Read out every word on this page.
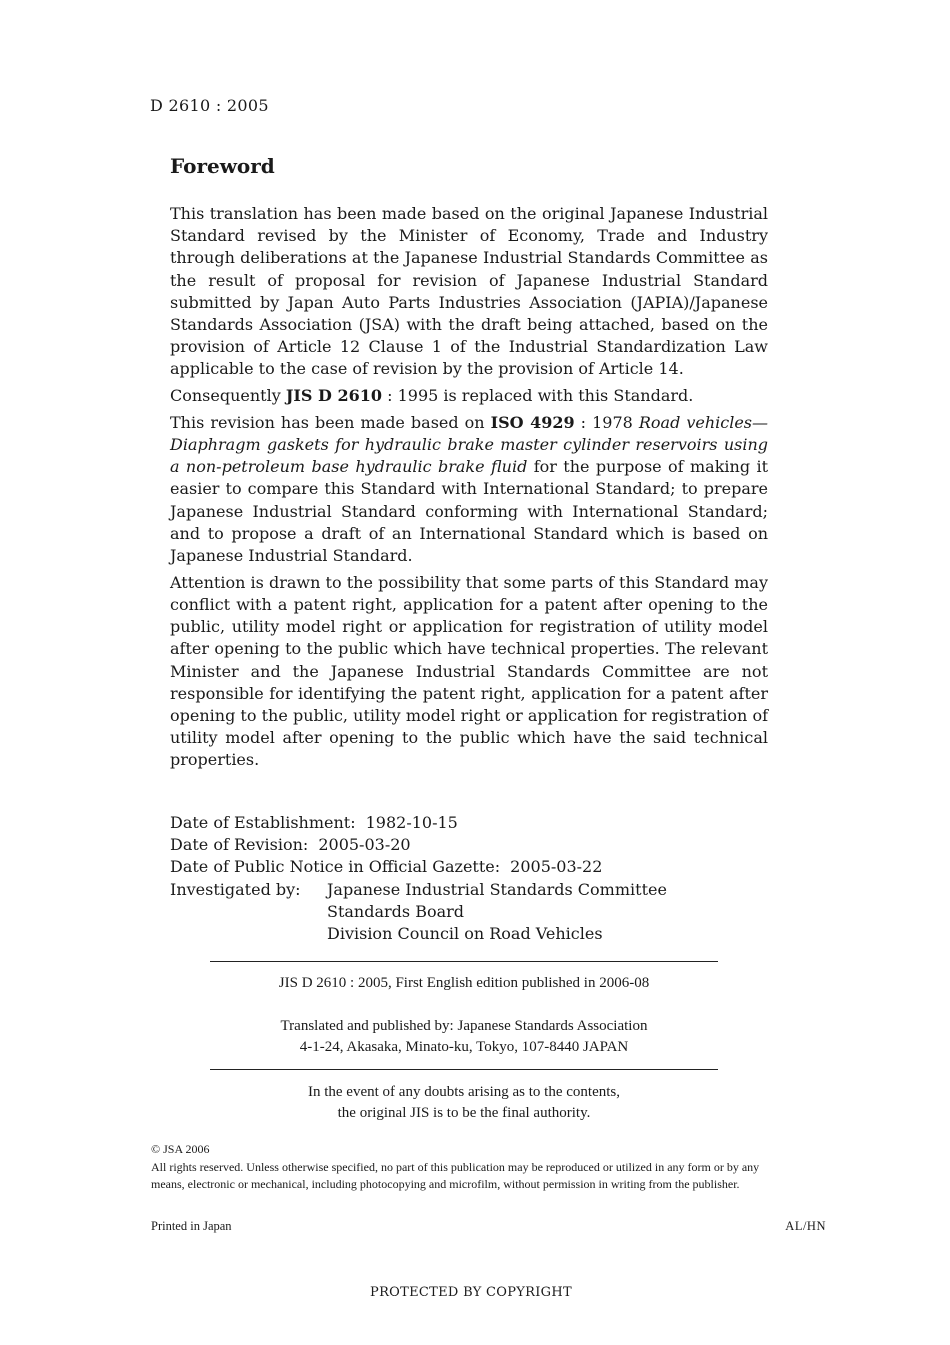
D 2610 : 2005
Foreword

This translation has been made based on the original Japanese Industrial Standard revised by the Minister of Economy, Trade and Industry through deliberations at the Japanese Industrial Standards Committee as the result of proposal for revision of Japanese Industrial Standard submitted by Japan Auto Parts Industries Association (JAPIA)/Japanese Standards Association (JSA) with the draft being attached, based on the provision of Article 12 Clause 1 of the Industrial Standardization Law applicable to the case of revision by the provision of Article 14.

Consequently JIS D 2610 : 1995 is replaced with this Standard.

This revision has been made based on ISO 4929 : 1978 Road vehicles—Diaphragm gaskets for hydraulic brake master cylinder reservoirs using a non-petroleum base hydraulic brake fluid for the purpose of making it easier to compare this Standard with International Standard; to prepare Japanese Industrial Standard conforming with International Standard; and to propose a draft of an International Standard which is based on Japanese Industrial Standard.

Attention is drawn to the possibility that some parts of this Standard may conflict with a patent right, application for a patent after opening to the public, utility model right or application for registration of utility model after opening to the public which have technical properties. The relevant Minister and the Japanese Industrial Standards Committee are not responsible for identifying the patent right, application for a patent after opening to the public, utility model right or application for registration of utility model after opening to the public which have the said technical properties.

Date of Establishment: 1982-10-15
Date of Revision: 2005-03-20
Date of Public Notice in Official Gazette: 2005-03-22
Investigated by: Japanese Industrial Standards Committee
Standards Board
Division Council on Road Vehicles
JIS D 2610 : 2005, First English edition published in 2006-08
Translated and published by: Japanese Standards Association
4-1-24, Akasaka, Minato-ku, Tokyo, 107-8440 JAPAN
In the event of any doubts arising as to the contents,
the original JIS is to be the final authority.
© JSA 2006
All rights reserved. Unless otherwise specified, no part of this publication may be reproduced or utilized in any form or by any means, electronic or mechanical, including photocopying and microfilm, without permission in writing from the publisher.
Printed in Japan	AL/HN
PROTECTED BY COPYRIGHT
